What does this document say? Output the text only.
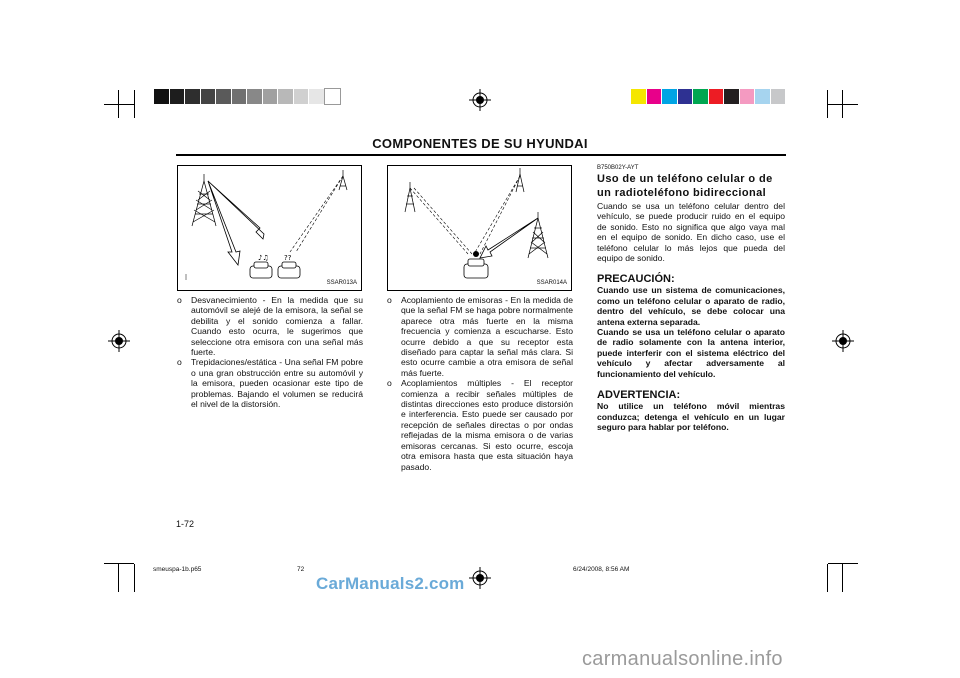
COMPONENTES DE SU HYUNDAI
♪♫ ??
SSAR013A	SSAR014A
o Desvanecimiento - En la medida que su automóvil se alejé de la emisora, la señal se debilita y el sonido comienza a fallar. Cuando esto ocurra, le sugerimos que seleccione otra emisora con una señal más fuerte.
o Trepidaciones/estática - Una señal FM pobre o una gran obstrucción entre su automóvil y la emisora, pueden ocasionar este tipo de problemas. Bajando el volumen se reducirá el nivel de la distorsión.
o Acoplamiento de emisoras - En la medida de que la señal FM se haga pobre normalmente aparece otra más fuerte en la misma frecuencia y comienza a escucharse. Esto ocurre debido a que su receptor esta diseñado para captar la señal más clara. Si esto ocurre cambie a otra emisora de señal más fuerte.
o Acoplamientos múltiples - El receptor comienza a recibir señales múltiples de distintas direcciones esto produce distorsión e interferencia. Esto puede ser causado por recepción de señales directas o por ondas reflejadas de la misma emisora o de varias emisoras cercanas. Si esto ocurre, escoja otra emisora hasta que esta situación haya pasado.
B750B02Y-AYT
Uso de un teléfono celular o de un radioteléfono bidireccional
Cuando se usa un teléfono celular dentro del vehículo, se puede producir ruido en el equipo de sonido. Esto no significa que algo vaya mal en el equipo de sonido. En dicho caso, use el teléfono celular lo más lejos que pueda del equipo de sonido.
PRECAUCIÓN:
Cuando use un sistema de comunicaciones, como un teléfono celular o aparato de radio, dentro del vehículo, se debe colocar una antena externa separada.
Cuando se usa un teléfono celular o aparato de radio solamente con la antena interior, puede interferir con el sistema eléctrico del vehículo y afectar adversamente al funcionamiento del vehículo.
ADVERTENCIA:
No utilice un teléfono móvil mientras conduzca; detenga el vehículo en un lugar seguro para hablar por teléfono.
1-72
smeuspa-1b.p65	72	6/24/2008, 8:56 AM
CarManuals2.com
carmanualsonline.info
